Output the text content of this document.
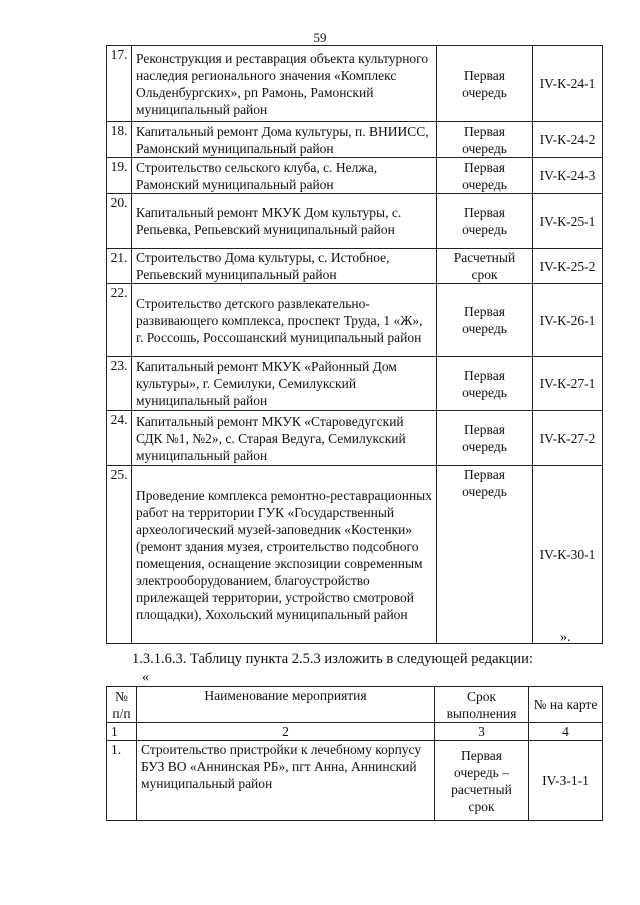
59
17.	Реконструкция и реставрация объекта культурного наследия регионального значения «Комплекс Ольденбургских», рп Рамонь, Рамонский муниципальный район	Первая очередь	IV-К-24-1
18.	Капитальный ремонт Дома культуры, п. ВНИИСС, Рамонский муниципальный район	Первая очередь	IV-К-24-2
19.	Строительство сельского клуба, с. Нелжа, Рамонский муниципальный район	Первая очередь	IV-К-24-3
20.	Капитальный ремонт МКУК Дом культуры, с. Репьевка, Репьевский муниципальный район	Первая очередь	IV-К-25-1
21.	Строительство Дома культуры, с. Истобное, Репьевский муниципальный район	Расчетный срок	IV-К-25-2
22.	Строительство детского развлекательно-развивающего комплекса, проспект Труда, 1 «Ж», г. Россошь, Россошанский муниципальный район	Первая очередь	IV-К-26-1
23.	Капитальный ремонт МКУК «Районный Дом культуры», г. Семилуки, Семилукский муниципальный район	Первая очередь	IV-К-27-1
24.	Капитальный ремонт МКУК «Староведугский СДК №1, №2», с. Старая Ведуга, Семилукский муниципальный район	Первая очередь	IV-К-27-2
25.	Проведение комплекса ремонтно-реставрационных работ на территории ГУК «Государственный археологический музей-заповедник «Костенки» (ремонт здания музея, строительство подсобного помещения, оснащение экспозиции современным электрооборудованием, благоустройство прилежащей территории, устройство смотровой площадки), Хохольский муниципальный район	Первая очередь	IV-К-30-1
».
1.3.1.6.3. Таблицу пункта 2.5.3 изложить в следующей редакции:
«
№ п/п	Наименование мероприятия	Срок выполнения	№ на карте
1	2	3	4
1.	Строительство пристройки к лечебному корпусу БУЗ ВО «Аннинская РБ», пгт Анна, Аннинский муниципальный район	Первая очередь – расчетный срок	IV-З-1-1
